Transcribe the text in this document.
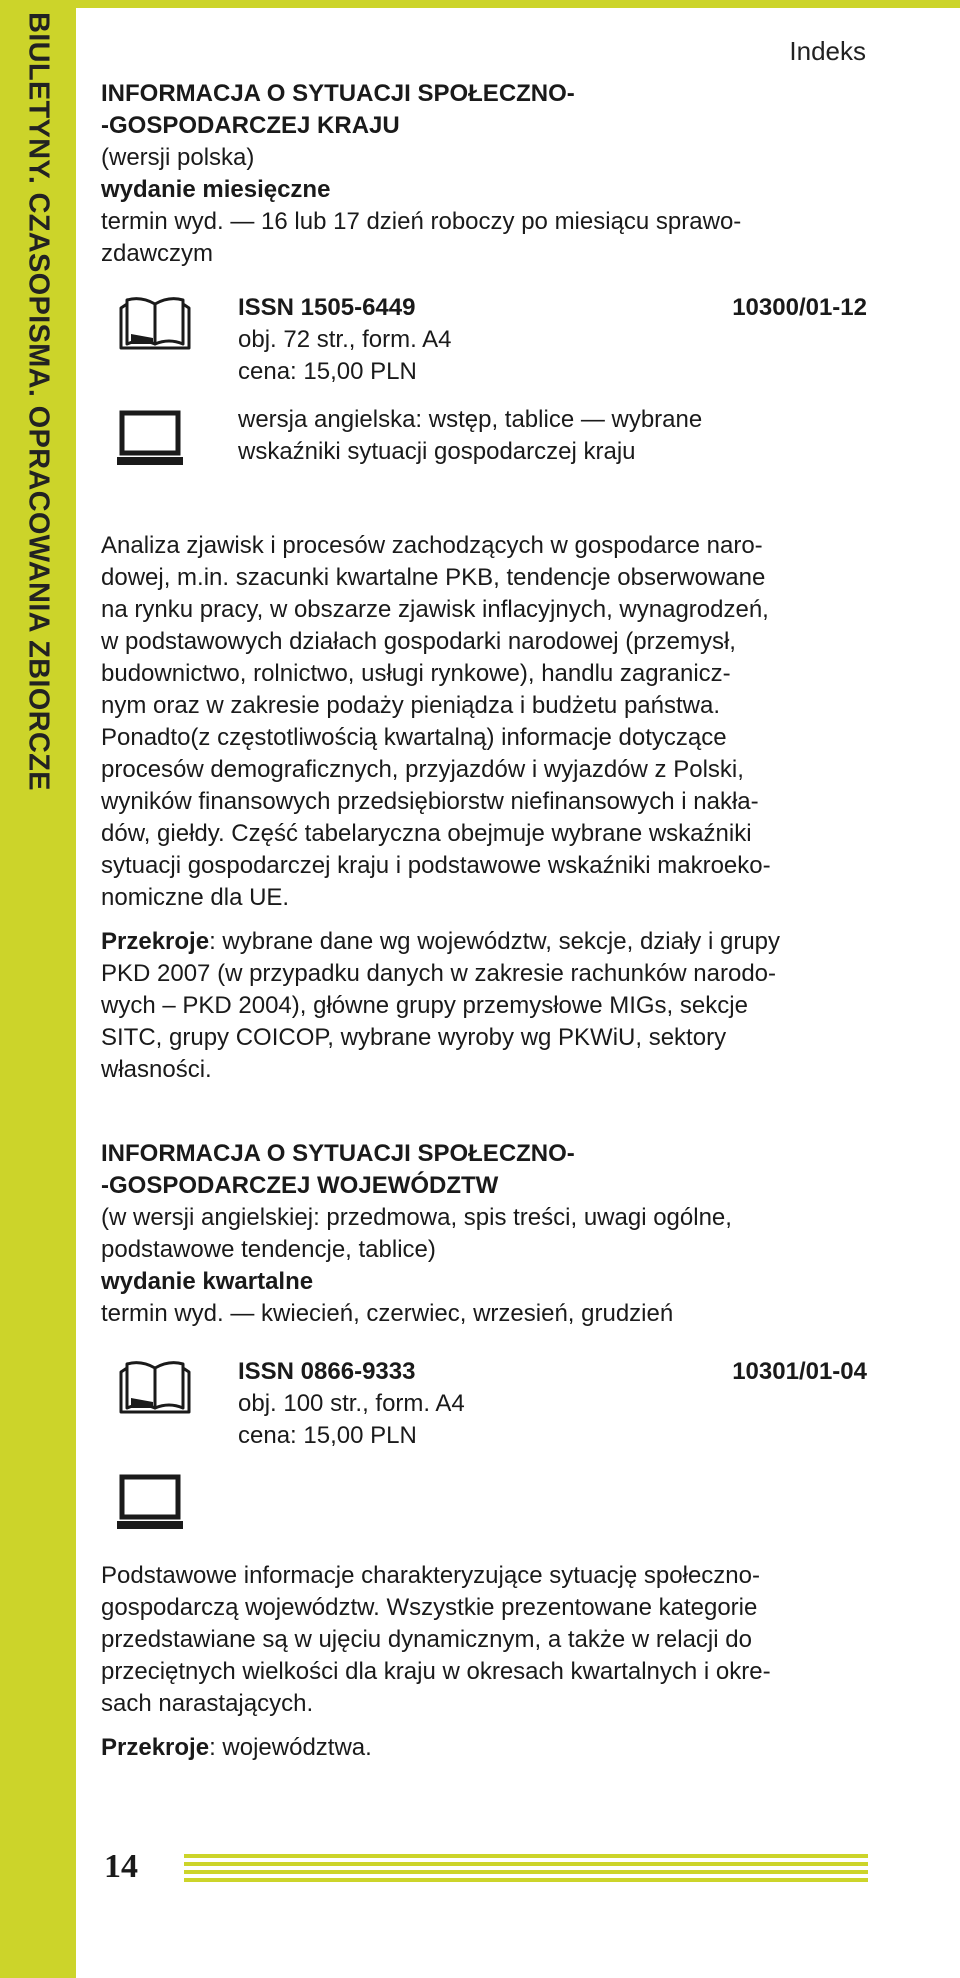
BIULETYNY. CZASOPISMA. OPRACOWANIA ZBIORCZE	Indeks

INFORMACJA O SYTUACJI SPOŁECZNO-

-GOSPODARCZEJ KRAJU

(wersji polska)

wydanie miesięczne

termin wyd. — 16 lub 17 dzień roboczy po miesiącu sprawo-

zdawczym

ISSN 1505-6449	10300/01-12
obj. 72 str., form. A4
cena: 15,00 PLN
wersja angielska: wstęp, tablice — wybrane
wskaźniki sytuacji gospodarczej kraju

Analiza zjawisk i procesów zachodzących w gospodarce naro-

dowej, m.in. szacunki kwartalne PKB, tendencje obserwowane

na rynku pracy, w obszarze zjawisk inflacyjnych, wynagrodzeń,

w podstawowych działach gospodarki narodowej (przemysł,

budownictwo, rolnictwo, usługi rynkowe), handlu zagranicz-

nym oraz w zakresie podaży pieniądza i budżetu państwa.

Ponadto(z częstotliwością kwartalną) informacje dotyczące

procesów demograficznych, przyjazdów i wyjazdów z Polski,

wyników finansowych przedsiębiorstw niefinansowych i nakła-

dów, giełdy. Część tabelaryczna obejmuje wybrane wskaźniki

sytuacji gospodarczej kraju i podstawowe wskaźniki makroeko-

nomiczne dla UE.

Przekroje: wybrane dane wg województw, sekcje, działy i grupy

PKD 2007 (w przypadku danych w zakresie rachunków narodo-

wych – PKD 2004), główne grupy przemysłowe MIGs, sekcje

SITC, grupy COICOP, wybrane wyroby wg PKWiU, sektory

własności.

INFORMACJA O SYTUACJI SPOŁECZNO-

-GOSPODARCZEJ WOJEWÓDZTW

(w wersji angielskiej: przedmowa, spis treści, uwagi ogólne,

podstawowe tendencje, tablice)

wydanie kwartalne

termin wyd. — kwiecień, czerwiec, wrzesień, grudzień

ISSN 0866-9333	10301/01-04
obj. 100 str., form. A4
cena: 15,00 PLN

Podstawowe informacje charakteryzujące sytuację społeczno-

gospodarczą województw. Wszystkie prezentowane kategorie

przedstawiane są w ujęciu dynamicznym, a także w relacji do

przeciętnych wielkości dla kraju w okresach kwartalnych i okre-

sach narastających.

Przekroje: województwa.

14
